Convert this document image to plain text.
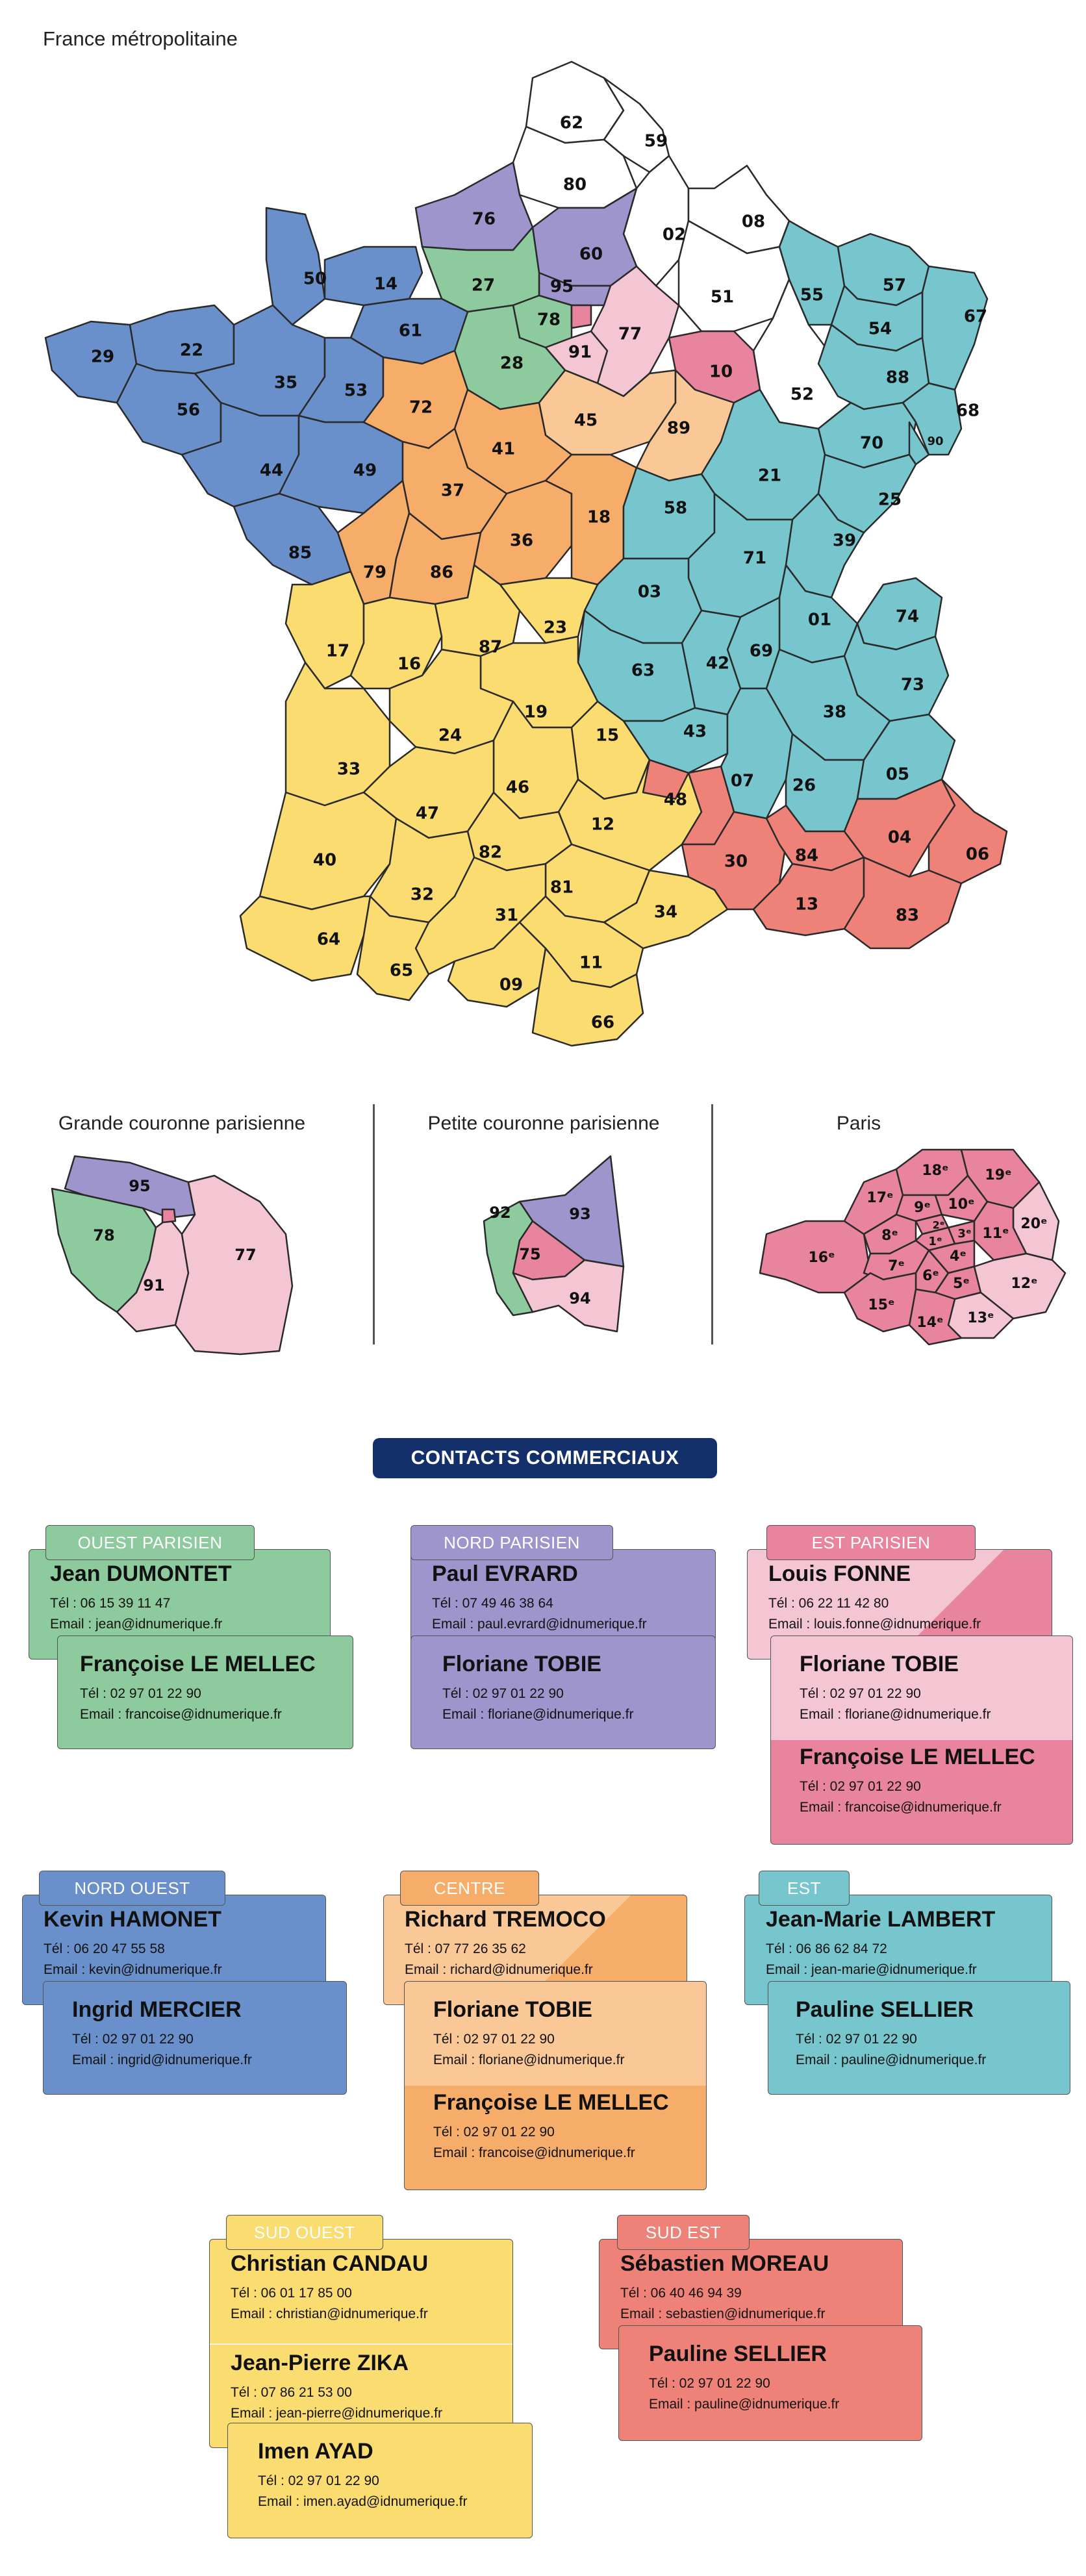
France métropolitaine
62
59
80
76
60
02
08
50	14	27	95	55	57
67
29	22
61
78
91
77
51
54
56
35	53
28	10	88
68
72
45	89
52
44	49
41	70	90
37
21
25
85
36
18	58
39
79	86
71
03
01	74
17
16
87
23
63	42
69
73
38
24
19
15	43
33
46	07 26
05
48
47
12
04
06
40	82	30	84
81
32	13
83
31	34
64
65
09
11
66
Grande couronne parisienne	Petite couronne parisienne	Paris
95
78
91
77
92	93
75
94
16ᵉ
17ᵉ
18ᵉ	19ᵉ
20ᵉ
8ᵉ
9ᵉ 10ᵉ
2ᵉ
3ᵉ
1ᵉ	11ᵉ
7ᵉ
4ᵉ
6ᵉ 5ᵉ	12ᵉ
13ᵉ
14ᵉ
15ᵉ
CONTACTS COMMERCIAUX
Jean DUMONTET
Tél : 06 15 39 11 47
Email : jean@idnumerique.fr
Françoise LE MELLEC
Tél : 02 97 01 22 90
Email : francoise@idnumerique.fr
OUEST PARISIEN
Paul EVRARD
Tél : 07 49 46 38 64
Email : paul.evrard@idnumerique.fr
Floriane TOBIE
Tél : 02 97 01 22 90
Email : floriane@idnumerique.fr
NORD PARISIEN
Louis FONNE
Tél : 06 22 11 42 80
Email : louis.fonne@idnumerique.fr
Floriane TOBIE
Tél : 02 97 01 22 90
Email : floriane@idnumerique.fr
Françoise LE MELLEC
Tél : 02 97 01 22 90
Email : francoise@idnumerique.fr
EST PARISIEN
Kevin HAMONET
Tél : 06 20 47 55 58
Email : kevin@idnumerique.fr
Ingrid MERCIER
Tél : 02 97 01 22 90
Email : ingrid@idnumerique.fr
NORD OUEST
Richard TREMOCO
Tél : 07 77 26 35 62
Email : richard@idnumerique.fr
Floriane TOBIE
Tél : 02 97 01 22 90
Email : floriane@idnumerique.fr
Françoise LE MELLEC
Tél : 02 97 01 22 90
Email : francoise@idnumerique.fr
CENTRE
Jean-Marie LAMBERT
Tél : 06 86 62 84 72
Email : jean-marie@idnumerique.fr
Pauline SELLIER
Tél : 02 97 01 22 90
Email : pauline@idnumerique.fr
EST
Christian CANDAU
Tél : 06 01 17 85 00
Email : christian@idnumerique.fr
Jean-Pierre ZIKA
Tél : 07 86 21 53 00
Email : jean-pierre@idnumerique.fr
Imen AYAD
Tél : 02 97 01 22 90
Email : imen.ayad@idnumerique.fr
SUD OUEST
Sébastien MOREAU
Tél : 06 40 46 94 39
Email : sebastien@idnumerique.fr
Pauline SELLIER
Tél : 02 97 01 22 90
Email : pauline@idnumerique.fr
SUD EST
